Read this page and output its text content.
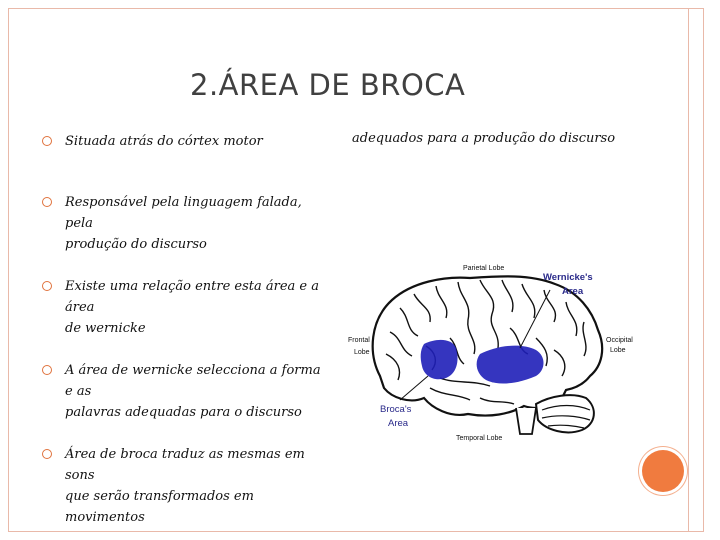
2.ÁREA DE BROCA
Situada atrás do córtex motor
Responsável pela linguagem falada, pela
produção do discurso
Existe uma relação entre esta área e a área
de wernicke
A área de wernicke selecciona a forma e as
palavras adequadas para o discurso
Área de broca traduz as mesmas em sons
que serão transformados em movimentos
adequados para a produção do discurso
Parietal Lobe
Wernicke's
Area
Frontal
Lobe
Occipital
Lobe
Broca's
Area
Temporal Lobe
